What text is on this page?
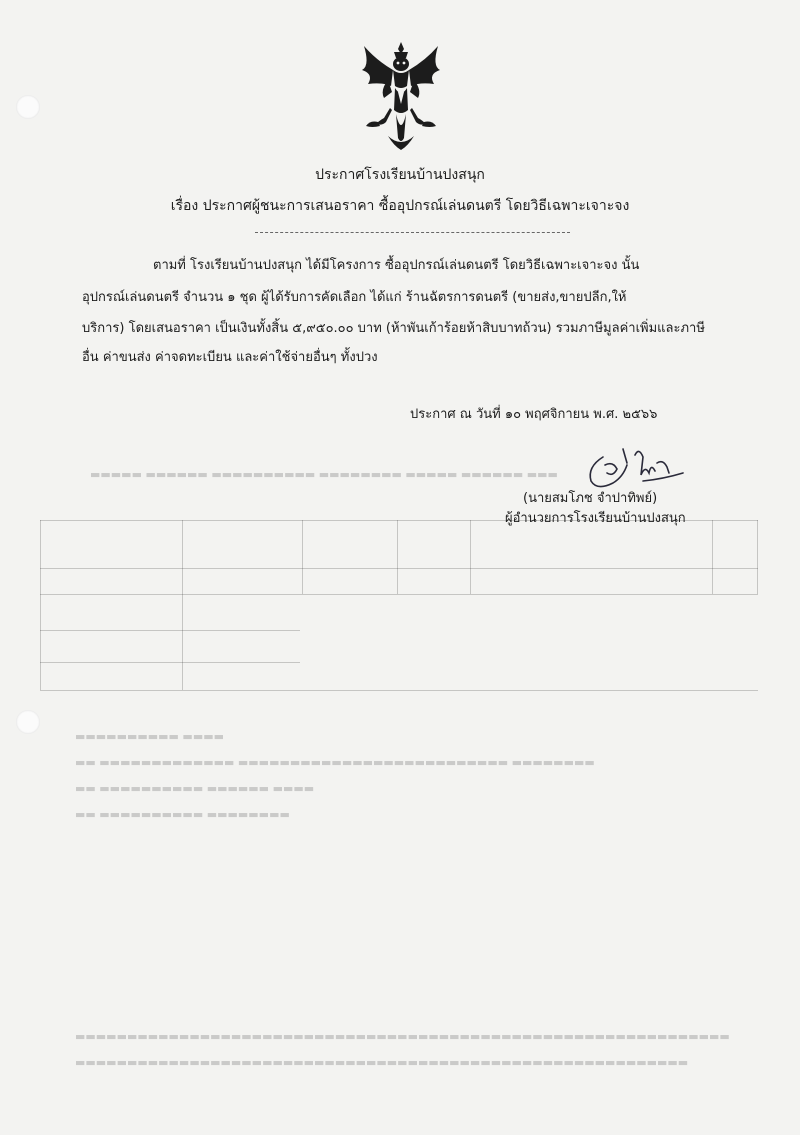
▬▬▬▬▬ ▬▬▬▬▬▬ ▬▬▬▬▬▬▬▬▬▬ ▬▬▬▬▬▬▬▬ ▬▬▬▬▬ ▬▬▬▬▬▬ ▬▬▬
▬▬▬▬▬▬▬▬▬▬ ▬▬▬▬

▬▬ ▬▬▬▬▬▬▬▬▬▬▬▬▬ ▬▬▬▬▬▬▬▬▬▬▬▬▬▬▬▬▬▬▬▬▬▬▬▬▬▬ ▬▬▬▬▬▬▬▬

▬▬ ▬▬▬▬▬▬▬▬▬▬ ▬▬▬▬▬▬ ▬▬▬▬

▬▬ ▬▬▬▬▬▬▬▬▬▬ ▬▬▬▬▬▬▬▬
▬▬▬▬▬▬▬▬▬▬▬▬▬▬▬▬▬▬▬▬▬▬▬▬▬▬▬▬▬▬▬▬▬▬▬▬▬▬▬▬▬▬▬▬▬▬▬▬▬▬▬▬▬▬▬▬▬▬▬▬▬▬▬

▬▬▬▬▬▬▬▬▬▬▬▬▬▬▬▬▬▬▬▬▬▬▬▬▬▬▬▬▬▬▬▬▬▬▬▬▬▬▬▬▬▬▬▬▬▬▬▬▬▬▬▬▬▬▬▬▬▬▬
ประกาศโรงเรียนบ้านปงสนุก
เรื่อง ประกาศผู้ชนะการเสนอราคา ซื้ออุปกรณ์เล่นดนตรี โดยวิธีเฉพาะเจาะจง
ตามที่ โรงเรียนบ้านปงสนุก ได้มีโครงการ ซื้ออุปกรณ์เล่นดนตรี โดยวิธีเฉพาะเจาะจง นั้น
อุปกรณ์เล่นดนตรี จำนวน ๑ ชุด ผู้ได้รับการคัดเลือก ได้แก่ ร้านฉัตรการดนตรี (ขายส่ง,ขายปลีก,ให้
บริการ) โดยเสนอราคา เป็นเงินทั้งสิ้น ๕,๙๕๐.๐๐ บาท (ห้าพันเก้าร้อยห้าสิบบาทถ้วน) รวมภาษีมูลค่าเพิ่มและภาษี
อื่น ค่าขนส่ง ค่าจดทะเบียน และค่าใช้จ่ายอื่นๆ ทั้งปวง
ประกาศ ณ วันที่ ๑๐ พฤศจิกายน พ.ศ. ๒๕๖๖
(นายสมโภช จำปาทิพย์)
ผู้อำนวยการโรงเรียนบ้านปงสนุก
